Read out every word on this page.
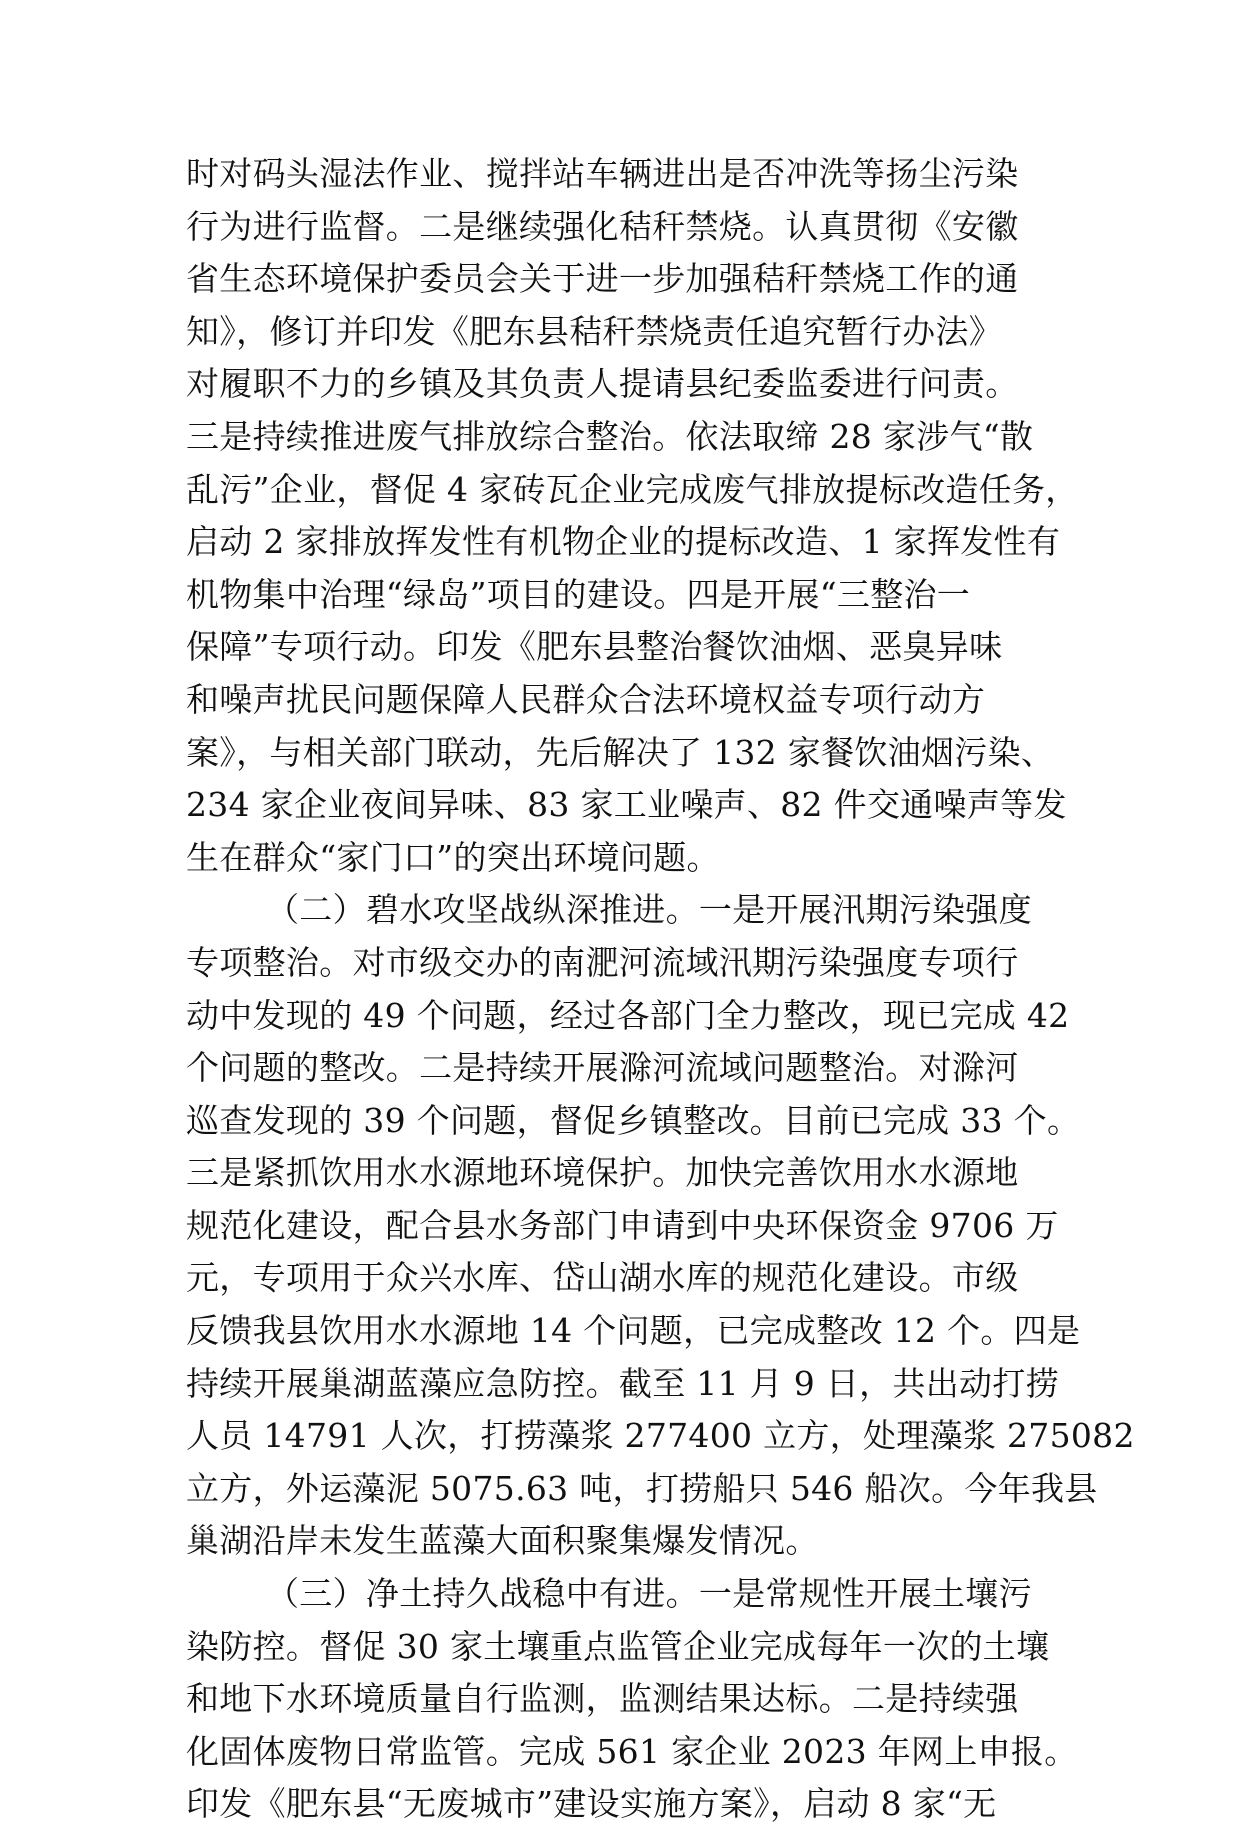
时对码头湿法作业、搅拌站车辆进出是否冲洗等扬尘污染
行为进行监督。二是继续强化秸秆禁烧。认真贯彻《安徽
省生态环境保护委员会关于进一步加强秸秆禁烧工作的通
知》，修订并印发《肥东县秸秆禁烧责任追究暂行办法》
对履职不力的乡镇及其负责人提请县纪委监委进行问责。
三是持续推进废气排放综合整治。依法取缔 28 家涉气“散
乱污”企业，督促 4 家砖瓦企业完成废气排放提标改造任务，
启动 2 家排放挥发性有机物企业的提标改造、1 家挥发性有
机物集中治理“绿岛”项目的建设。四是开展“三整治一
保障”专项行动。印发《肥东县整治餐饮油烟、恶臭异味
和噪声扰民问题保障人民群众合法环境权益专项行动方
案》，与相关部门联动，先后解决了 132 家餐饮油烟污染、
234 家企业夜间异味、83 家工业噪声、82 件交通噪声等发
生在群众“家门口”的突出环境问题。
（二）碧水攻坚战纵深推进。一是开展汛期污染强度
专项整治。对市级交办的南淝河流域汛期污染强度专项行
动中发现的 49 个问题，经过各部门全力整改，现已完成 42
个问题的整改。二是持续开展滁河流域问题整治。对滁河
巡查发现的 39 个问题，督促乡镇整改。目前已完成 33 个。
三是紧抓饮用水水源地环境保护。加快完善饮用水水源地
规范化建设，配合县水务部门申请到中央环保资金 9706 万
元，专项用于众兴水库、岱山湖水库的规范化建设。市级
反馈我县饮用水水源地 14 个问题，已完成整改 12 个。四是
持续开展巢湖蓝藻应急防控。截至 11 月 9 日，共出动打捞
人员 14791 人次，打捞藻浆 277400 立方，处理藻浆 275082
立方，外运藻泥 5075.63 吨，打捞船只 546 船次。今年我县
巢湖沿岸未发生蓝藻大面积聚集爆发情况。
（三）净土持久战稳中有进。一是常规性开展土壤污
染防控。督促 30 家土壤重点监管企业完成每年一次的土壤
和地下水环境质量自行监测，监测结果达标。二是持续强
化固体废物日常监管。完成 561 家企业 2023 年网上申报。
印发《肥东县“无废城市”建设实施方案》，启动 8 家“无
